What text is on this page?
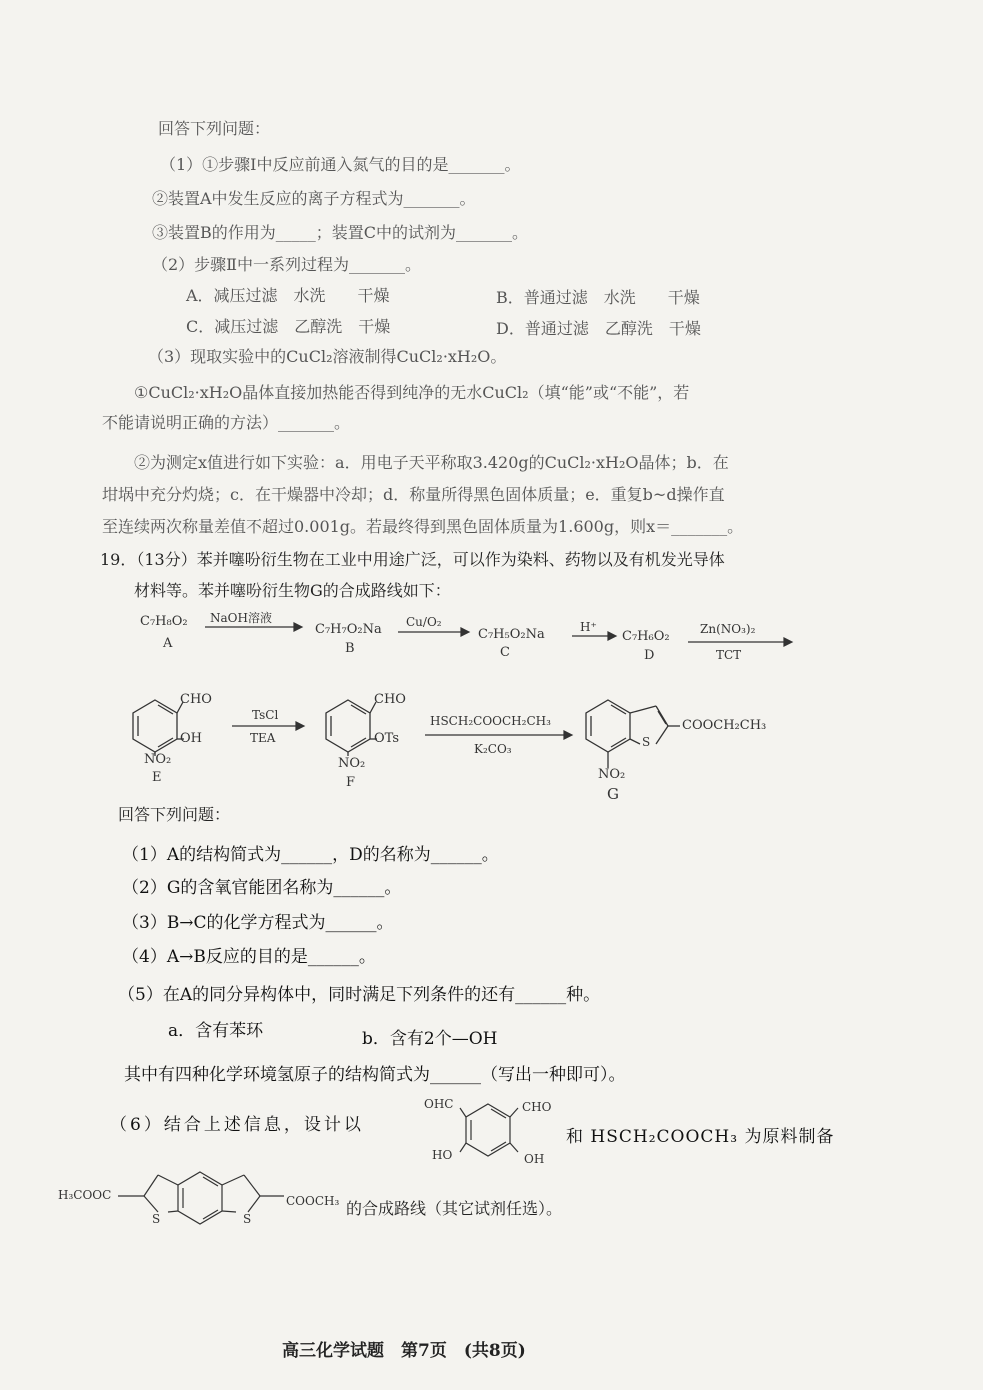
回答下列问题：
（1）①步骤Ⅰ中反应前通入氮气的目的是_______。
②装置A中发生反应的离子方程式为_______。
③装置B的作用为_____；装置C中的试剂为_______。
（2）步骤Ⅱ中一系列过程为_______。
A．减压过滤　水洗　　干燥	B．普通过滤　水洗　　干燥
C．减压过滤　乙醇洗　干燥	D．普通过滤　乙醇洗　干燥
（3）现取实验中的CuCl₂溶液制得CuCl₂·xH₂O。
①CuCl₂·xH₂O晶体直接加热能否得到纯净的无水CuCl₂（填“能”或“不能”，若
不能请说明正确的方法）_______。
②为测定x值进行如下实验：a．用电子天平称取3.420g的CuCl₂·xH₂O晶体；b．在
坩埚中充分灼烧；c．在干燥器中冷却；d．称量所得黑色固体质量；e．重复b~d操作直
至连续两次称量差值不超过0.001g。若最终得到黑色固体质量为1.600g，则x＝_______。
19．（13分）苯并噻吩衍生物在工业中用途广泛，可以作为染料、药物以及有机发光导体
材料等。苯并噻吩衍生物G的合成路线如下：
C₇H₈O₂
A
NaOH溶液
C₇H₇O₂Na
B
Cu/O₂
C₇H₅O₂Na
C
H⁺
C₇H₆O₂
D
Zn(NO₃)₂
TCT
CHO
OH
NO₂
E
TsCl
TEA
CHO
OTs
NO₂
F
HSCH₂COOCH₂CH₃
K₂CO₃
COOCH₂CH₃
S
NO₂
G
回答下列问题：
（1）A的结构简式为______，D的名称为______。
（2）G的含氧官能团名称为______。
（3）B→C的化学方程式为______。
（4）A→B反应的目的是______。
（5）在A的同分异构体中，同时满足下列条件的还有______种。
a．含有苯环	b．含有2个—OH
其中有四种化学环境氢原子的结构简式为______（写出一种即可）。
（6）结合上述信息，设计以
OHC	CHO
HO	OH
和 HSCH₂COOCH₃ 为原料制备
H₃COOC
S	S
COOCH₃ 的合成路线（其它试剂任选）。
高三化学试题　第7页　(共8页)
